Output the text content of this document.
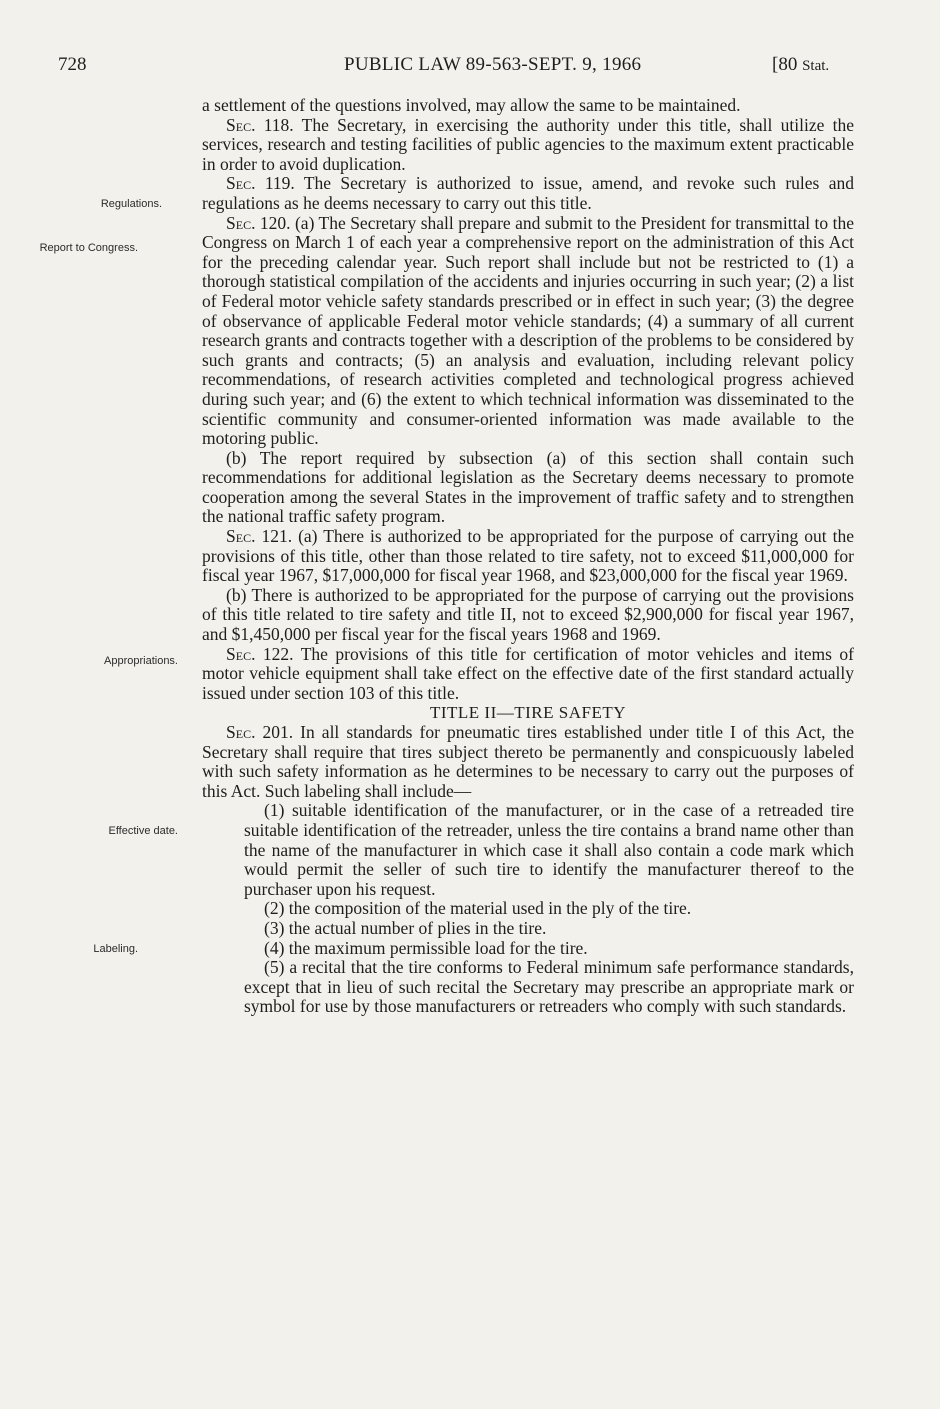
728	PUBLIC LAW 89-563-SEPT. 9, 1966	[80 Stat.
Regulations.
Report to Congress.
Appropriations.
Effective date.
Labeling.

a settlement of the questions involved, may allow the same to be maintained.

Sec. 118. The Secretary, in exercising the authority under this title, shall utilize the services, research and testing facilities of public agencies to the maximum extent practicable in order to avoid duplication.

Sec. 119. The Secretary is authorized to issue, amend, and revoke such rules and regulations as he deems necessary to carry out this title.

Sec. 120. (a) The Secretary shall prepare and submit to the President for transmittal to the Congress on March 1 of each year a comprehensive report on the administration of this Act for the preceding calendar year. Such report shall include but not be restricted to (1) a thorough statistical compilation of the accidents and injuries occurring in such year; (2) a list of Federal motor vehicle safety standards prescribed or in effect in such year; (3) the degree of observance of applicable Federal motor vehicle standards; (4) a summary of all current research grants and contracts together with a description of the problems to be considered by such grants and contracts; (5) an analysis and evaluation, including relevant policy recommendations, of research activities completed and technological progress achieved during such year; and (6) the extent to which technical information was disseminated to the scientific community and consumer-oriented information was made available to the motoring public.

(b) The report required by subsection (a) of this section shall contain such recommendations for additional legislation as the Secretary deems necessary to promote cooperation among the several States in the improvement of traffic safety and to strengthen the national traffic safety program.

Sec. 121. (a) There is authorized to be appropriated for the purpose of carrying out the provisions of this title, other than those related to tire safety, not to exceed $11,000,000 for fiscal year 1967, $17,000,000 for fiscal year 1968, and $23,000,000 for the fiscal year 1969.

(b) There is authorized to be appropriated for the purpose of carrying out the provisions of this title related to tire safety and title II, not to exceed $2,900,000 for fiscal year 1967, and $1,450,000 per fiscal year for the fiscal years 1968 and 1969.

Sec. 122. The provisions of this title for certification of motor vehicles and items of motor vehicle equipment shall take effect on the effective date of the first standard actually issued under section 103 of this title.

TITLE II—TIRE SAFETY

Sec. 201. In all standards for pneumatic tires established under title I of this Act, the Secretary shall require that tires subject thereto be permanently and conspicuously labeled with such safety information as he determines to be necessary to carry out the purposes of this Act. Such labeling shall include—

(1) suitable identification of the manufacturer, or in the case of a retreaded tire suitable identification of the retreader, unless the tire contains a brand name other than the name of the manufacturer in which case it shall also contain a code mark which would permit the seller of such tire to identify the manufacturer thereof to the purchaser upon his request.

(2) the composition of the material used in the ply of the tire.

(3) the actual number of plies in the tire.

(4) the maximum permissible load for the tire.

(5) a recital that the tire conforms to Federal minimum safe performance standards, except that in lieu of such recital the Secretary may prescribe an appropriate mark or symbol for use by those manufacturers or retreaders who comply with such standards.
